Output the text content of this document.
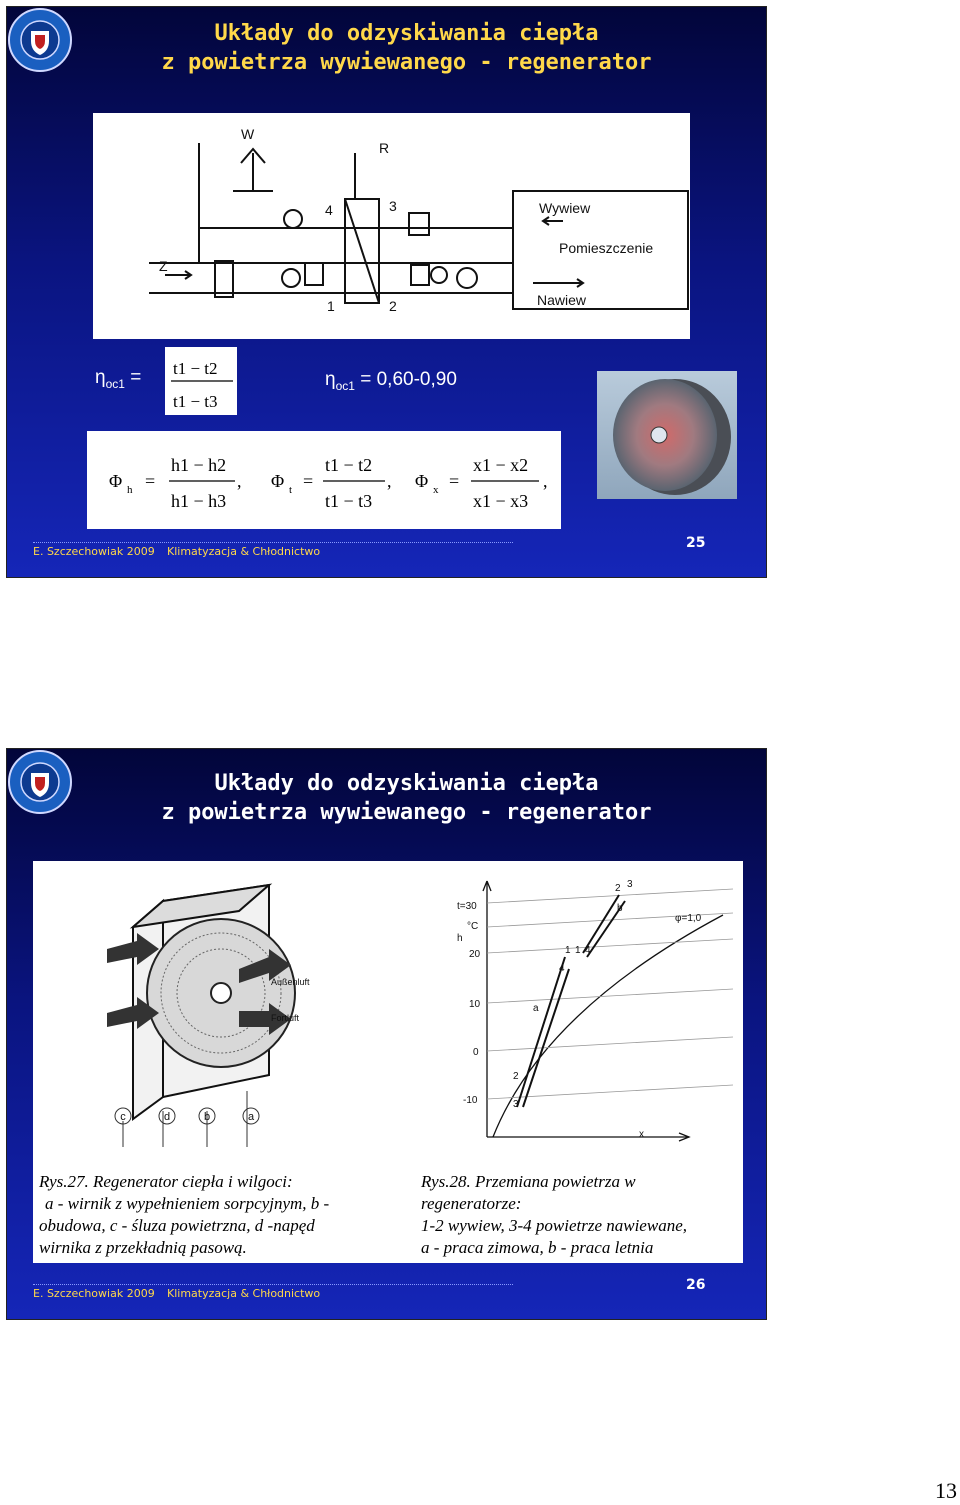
Układy do odzyskiwania ciepła
z powietrza wywiewanego - regenerator
W
R
Z
4	3
1	2
Wywiew
Pomieszczenie
Nawiew
$\eta_{oc1} = t1 - t2$
t1 − t3
$\eta_{oc1} = 0,60-0,90$
Φ h =
h1 − h2
h1 − h3
, Φ t =
t1 − t2
t1 − t3
, Φ x =
x1 − x2
x1 − x3
,
E. Szczechowiak 2009 Klimatyzacja & Chłodnictwo
25
Układy do odzyskiwania ciepła
z powietrza wywiewanego - regenerator
Außenluft
Fortluft
c	d	b	a
h
t=30
°C
20
10
0
-10
φ=1,0
x
1 1 4
2 3
4
2
3
a
b
Rys.27. Regenerator ciepła i wilgoci:
a - wirnik z wypełnieniem sorpcyjnym, b -
obudowa, c - śluza powietrzna, d -napęd
wirnika z przekładnią pasową.
Rys.28. Przemiana powietrza w
regeneratorze:
1-2 wywiew, 3-4 powietrze nawiewane,
a - praca zimowa, b - praca letnia
E. Szczechowiak 2009 Klimatyzacja & Chłodnictwo
26
13
